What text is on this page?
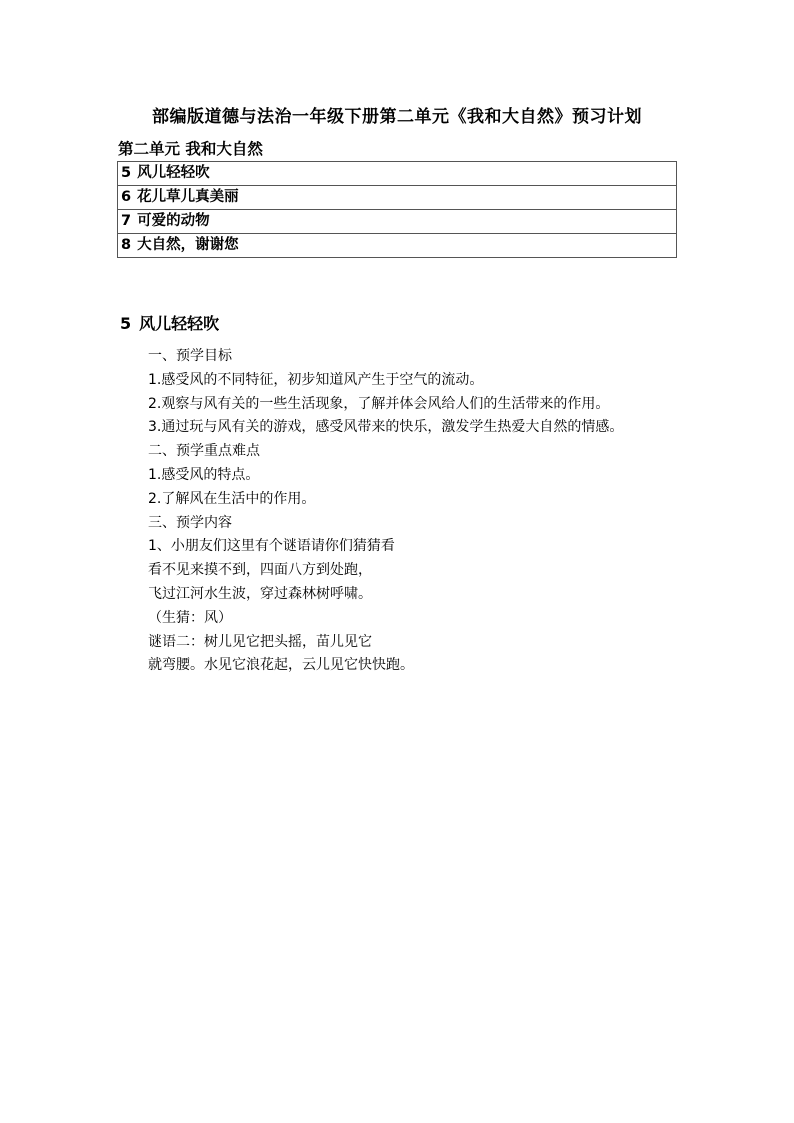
部编版道德与法治一年级下册第二单元《我和大自然》预习计划
第二单元 我和大自然
5 风儿轻轻吹
6 花儿草儿真美丽
7 可爱的动物
8 大自然，谢谢您
5 风儿轻轻吹
一、预学目标
1.感受风的不同特征，初步知道风产生于空气的流动。
2.观察与风有关的一些生活现象，了解并体会风给人们的生活带来的作用。
3.通过玩与风有关的游戏，感受风带来的快乐，激发学生热爱大自然的情感。
二、预学重点难点
1.感受风的特点。
2.了解风在生活中的作用。
三、预学内容
1、小朋友们这里有个谜语请你们猜猜看
看不见来摸不到，四面八方到处跑，
飞过江河水生波，穿过森林树呼啸。
（生猜：风）
谜语二：树儿见它把头摇，苗儿见它
就弯腰。水见它浪花起，云儿见它快快跑。
